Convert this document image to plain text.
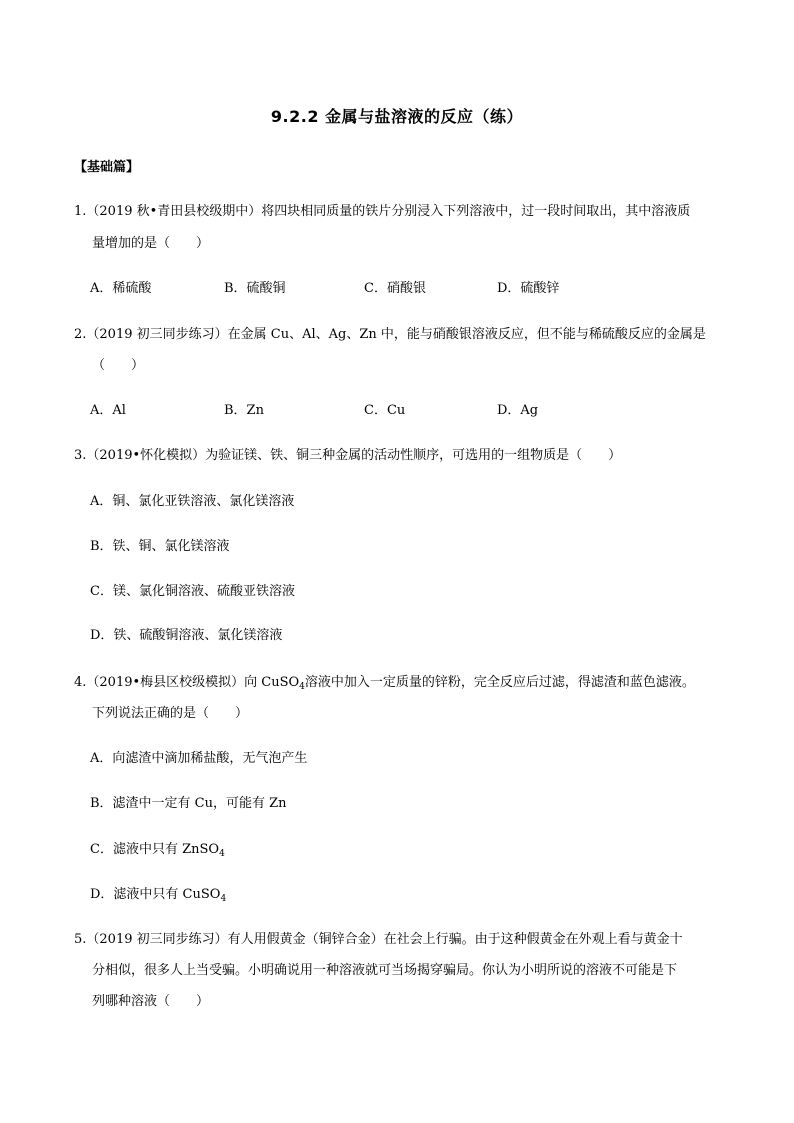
9.2.2 金属与盐溶液的反应（练）
【基础篇】
1.（2019 秋•青田县校级期中）将四块相同质量的铁片分别浸入下列溶液中，过一段时间取出，其中溶液质
量增加的是（　　）
A．稀硫酸	B．硫酸铜	C．硝酸银	D．硫酸锌
2.（2019 初三同步练习）在金属 Cu、Al、Ag、Zn 中，能与硝酸银溶液反应，但不能与稀硫酸反应的金属是
（　　）
A．Al	B．Zn	C．Cu	D．Ag
3.（2019•怀化模拟）为验证镁、铁、铜三种金属的活动性顺序，可选用的一组物质是（　　）
A．铜、氯化亚铁溶液、氯化镁溶液
B．铁、铜、氯化镁溶液
C．镁、氯化铜溶液、硫酸亚铁溶液
D．铁、硫酸铜溶液、氯化镁溶液
4.（2019•梅县区校级模拟）向 CuSO$_4$溶液中加入一定质量的锌粉，完全反应后过滤，得滤渣和蓝色滤液。
下列说法正确的是（　　）
A．向滤渣中滴加稀盐酸，无气泡产生
B．滤渣中一定有 Cu，可能有 Zn
C．滤液中只有 ZnSO$_4$
D．滤液中只有 CuSO$_4$
5.（2019 初三同步练习）有人用假黄金（铜锌合金）在社会上行骗。由于这种假黄金在外观上看与黄金十
分相似，很多人上当受骗。小明确说用一种溶液就可当场揭穿骗局。你认为小明所说的溶液不可能是下
列哪种溶液（　　）
